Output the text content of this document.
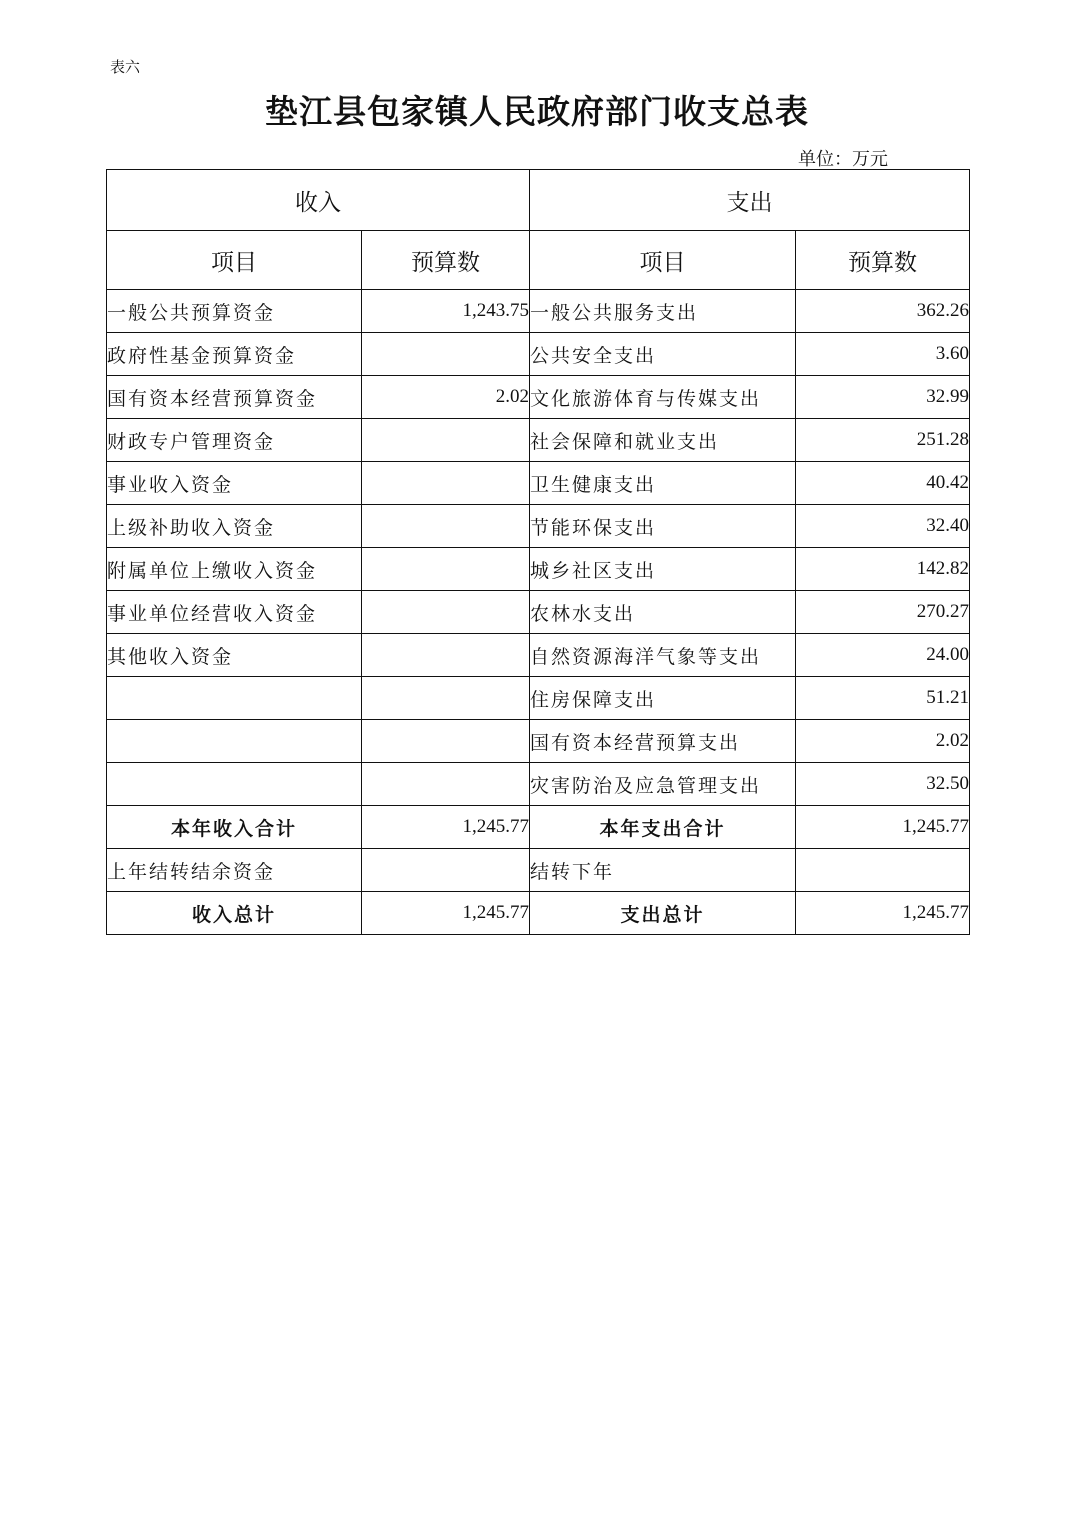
表六
垫江县包家镇人民政府部门收支总表
单位：万元
收入		支出	
项目	预算数	项目	预算数
一般公共预算资金	1,243.75	一般公共服务支出	362.26
政府性基金预算资金		公共安全支出	3.60
国有资本经营预算资金	2.02	文化旅游体育与传媒支出	32.99
财政专户管理资金		社会保障和就业支出	251.28
事业收入资金		卫生健康支出	40.42
上级补助收入资金		节能环保支出	32.40
附属单位上缴收入资金		城乡社区支出	142.82
事业单位经营收入资金		农林水支出	270.27
其他收入资金		自然资源海洋气象等支出	24.00
		住房保障支出	51.21
		国有资本经营预算支出	2.02
		灾害防治及应急管理支出	32.50
本年收入合计	1,245.77	本年支出合计	1,245.77
上年结转结余资金		结转下年	
收入总计	1,245.77	支出总计	1,245.77
